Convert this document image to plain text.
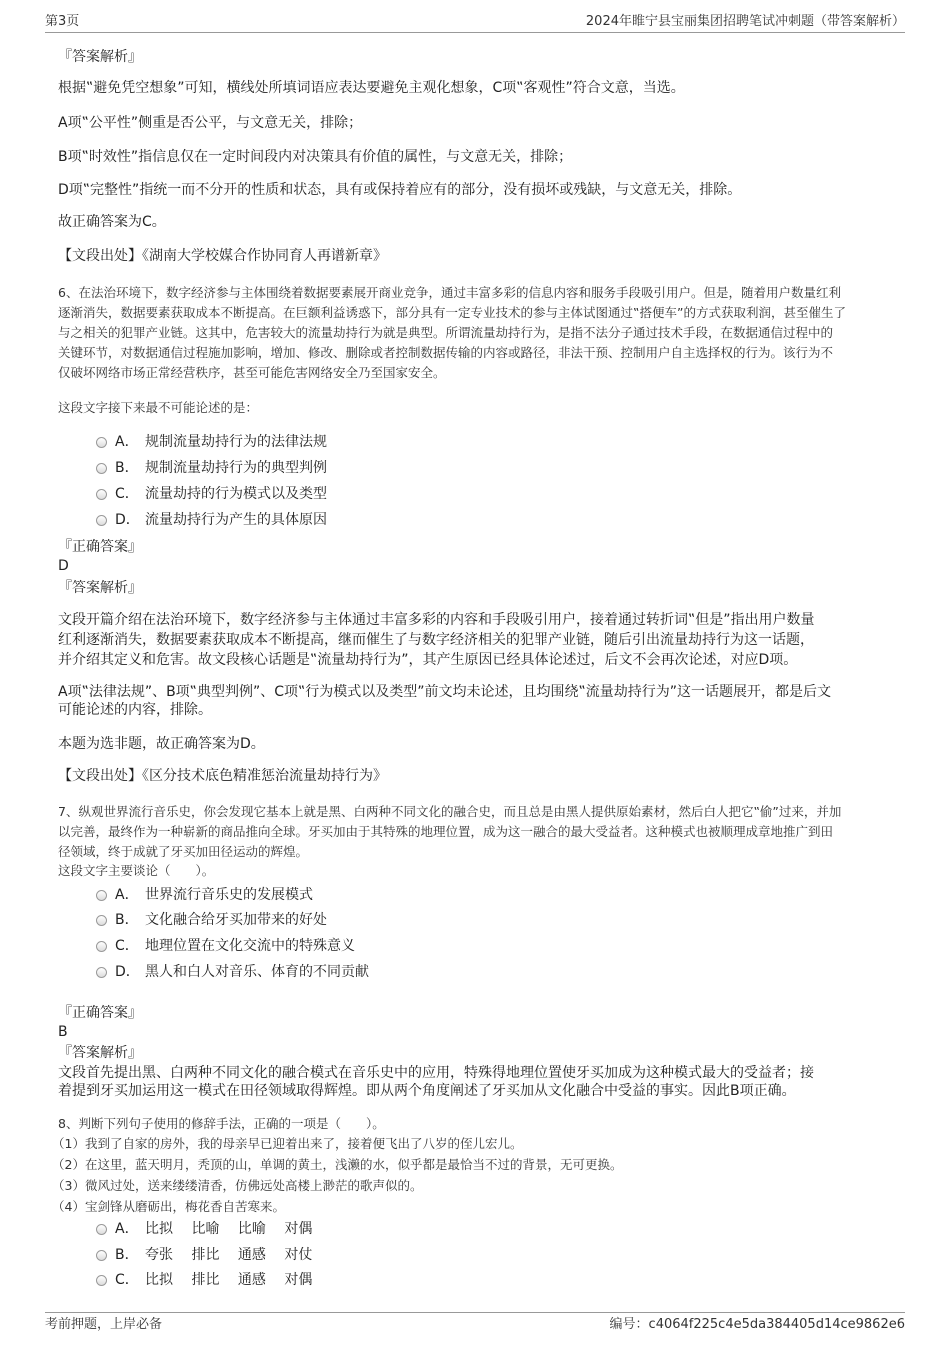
第3页	2024年睢宁县宝丽集团招聘笔试冲刺题（带答案解析）
『答案解析』
根据‟避免凭空想象”可知，横线处所填词语应表达要避免主观化想象，C项‟客观性”符合文意，当选。
A项‟公平性”侧重是否公平，与文意无关，排除；
B项‟时效性”指信息仅在一定时间段内对决策具有价值的属性，与文意无关，排除；
D项‟完整性”指统一而不分开的性质和状态，具有或保持着应有的部分，没有损坏或残缺，与文意无关，排除。
故正确答案为C。
【文段出处】《湖南大学校媒合作协同育人再谱新章》
6、在法治环境下，数字经济参与主体围绕着数据要素展开商业竞争，通过丰富多彩的信息内容和服务手段吸引用户。但是，随着用户数量红利
逐渐消失，数据要素获取成本不断提高。在巨额利益诱惑下，部分具有一定专业技术的参与主体试图通过‟搭便车”的方式获取利润，甚至催生了
与之相关的犯罪产业链。这其中，危害较大的流量劫持行为就是典型。所谓流量劫持行为，是指不法分子通过技术手段，在数据通信过程中的
关键环节，对数据通信过程施加影响，增加、修改、删除或者控制数据传输的内容或路径，非法干预、控制用户自主选择权的行为。该行为不
仅破坏网络市场正常经营秩序，甚至可能危害网络安全乃至国家安全。
这段文字接下来最不可能论述的是：
A． 规制流量劫持行为的法律法规
B． 规制流量劫持行为的典型判例
C． 流量劫持的行为模式以及类型
D． 流量劫持行为产生的具体原因
『正确答案』
D
『答案解析』
文段开篇介绍在法治环境下，数字经济参与主体通过丰富多彩的内容和手段吸引用户，接着通过转折词‟但是”指出用户数量
红利逐渐消失，数据要素获取成本不断提高，继而催生了与数字经济相关的犯罪产业链，随后引出流量劫持行为这一话题，
并介绍其定义和危害。故文段核心话题是‟流量劫持行为”，其产生原因已经具体论述过，后文不会再次论述，对应D项。
A项‟法律法规”、B项‟典型判例”、C项‟行为模式以及类型”前文均未论述，且均围绕‟流量劫持行为”这一话题展开，都是后文
可能论述的内容，排除。
本题为选非题，故正确答案为D。
【文段出处】《区分技术底色精准惩治流量劫持行为》
7、纵观世界流行音乐史，你会发现它基本上就是黑、白两种不同文化的融合史，而且总是由黑人提供原始素材，然后白人把它‟偷”过来，并加
以完善，最终作为一种崭新的商品推向全球。牙买加由于其特殊的地理位置，成为这一融合的最大受益者。这种模式也被顺理成章地推广到田
径领域，终于成就了牙买加田径运动的辉煌。
这段文字主要谈论（　　）。
A． 世界流行音乐史的发展模式
B． 文化融合给牙买加带来的好处
C． 地理位置在文化交流中的特殊意义
D． 黑人和白人对音乐、体育的不同贡献
『正确答案』
B
『答案解析』
文段首先提出黑、白两种不同文化的融合模式在音乐史中的应用，特殊得地理位置使牙买加成为这种模式最大的受益者；接
着提到牙买加运用这一模式在田径领域取得辉煌。即从两个角度阐述了牙买加从文化融合中受益的事实。因此B项正确。
8、判断下列句子使用的修辞手法，正确的一项是（　　）。
（1）我到了自家的房外，我的母亲早已迎着出来了，接着便飞出了八岁的侄儿宏儿。
（2）在这里，蓝天明月，秃顶的山，单调的黄土，浅濑的水，似乎都是最恰当不过的背景，无可更换。
（3）微风过处，送来缕缕清香，仿佛远处高楼上渺茫的歌声似的。
（4）宝剑锋从磨砺出，梅花香自苦寒来。
A． 比拟　 比喻　 比喻　 对偶
B． 夸张　 排比　 通感　 对仗
C． 比拟　 排比　 通感　 对偶
考前押题，上岸必备	编号：c4064f225c4e5da384405d14ce9862e6
